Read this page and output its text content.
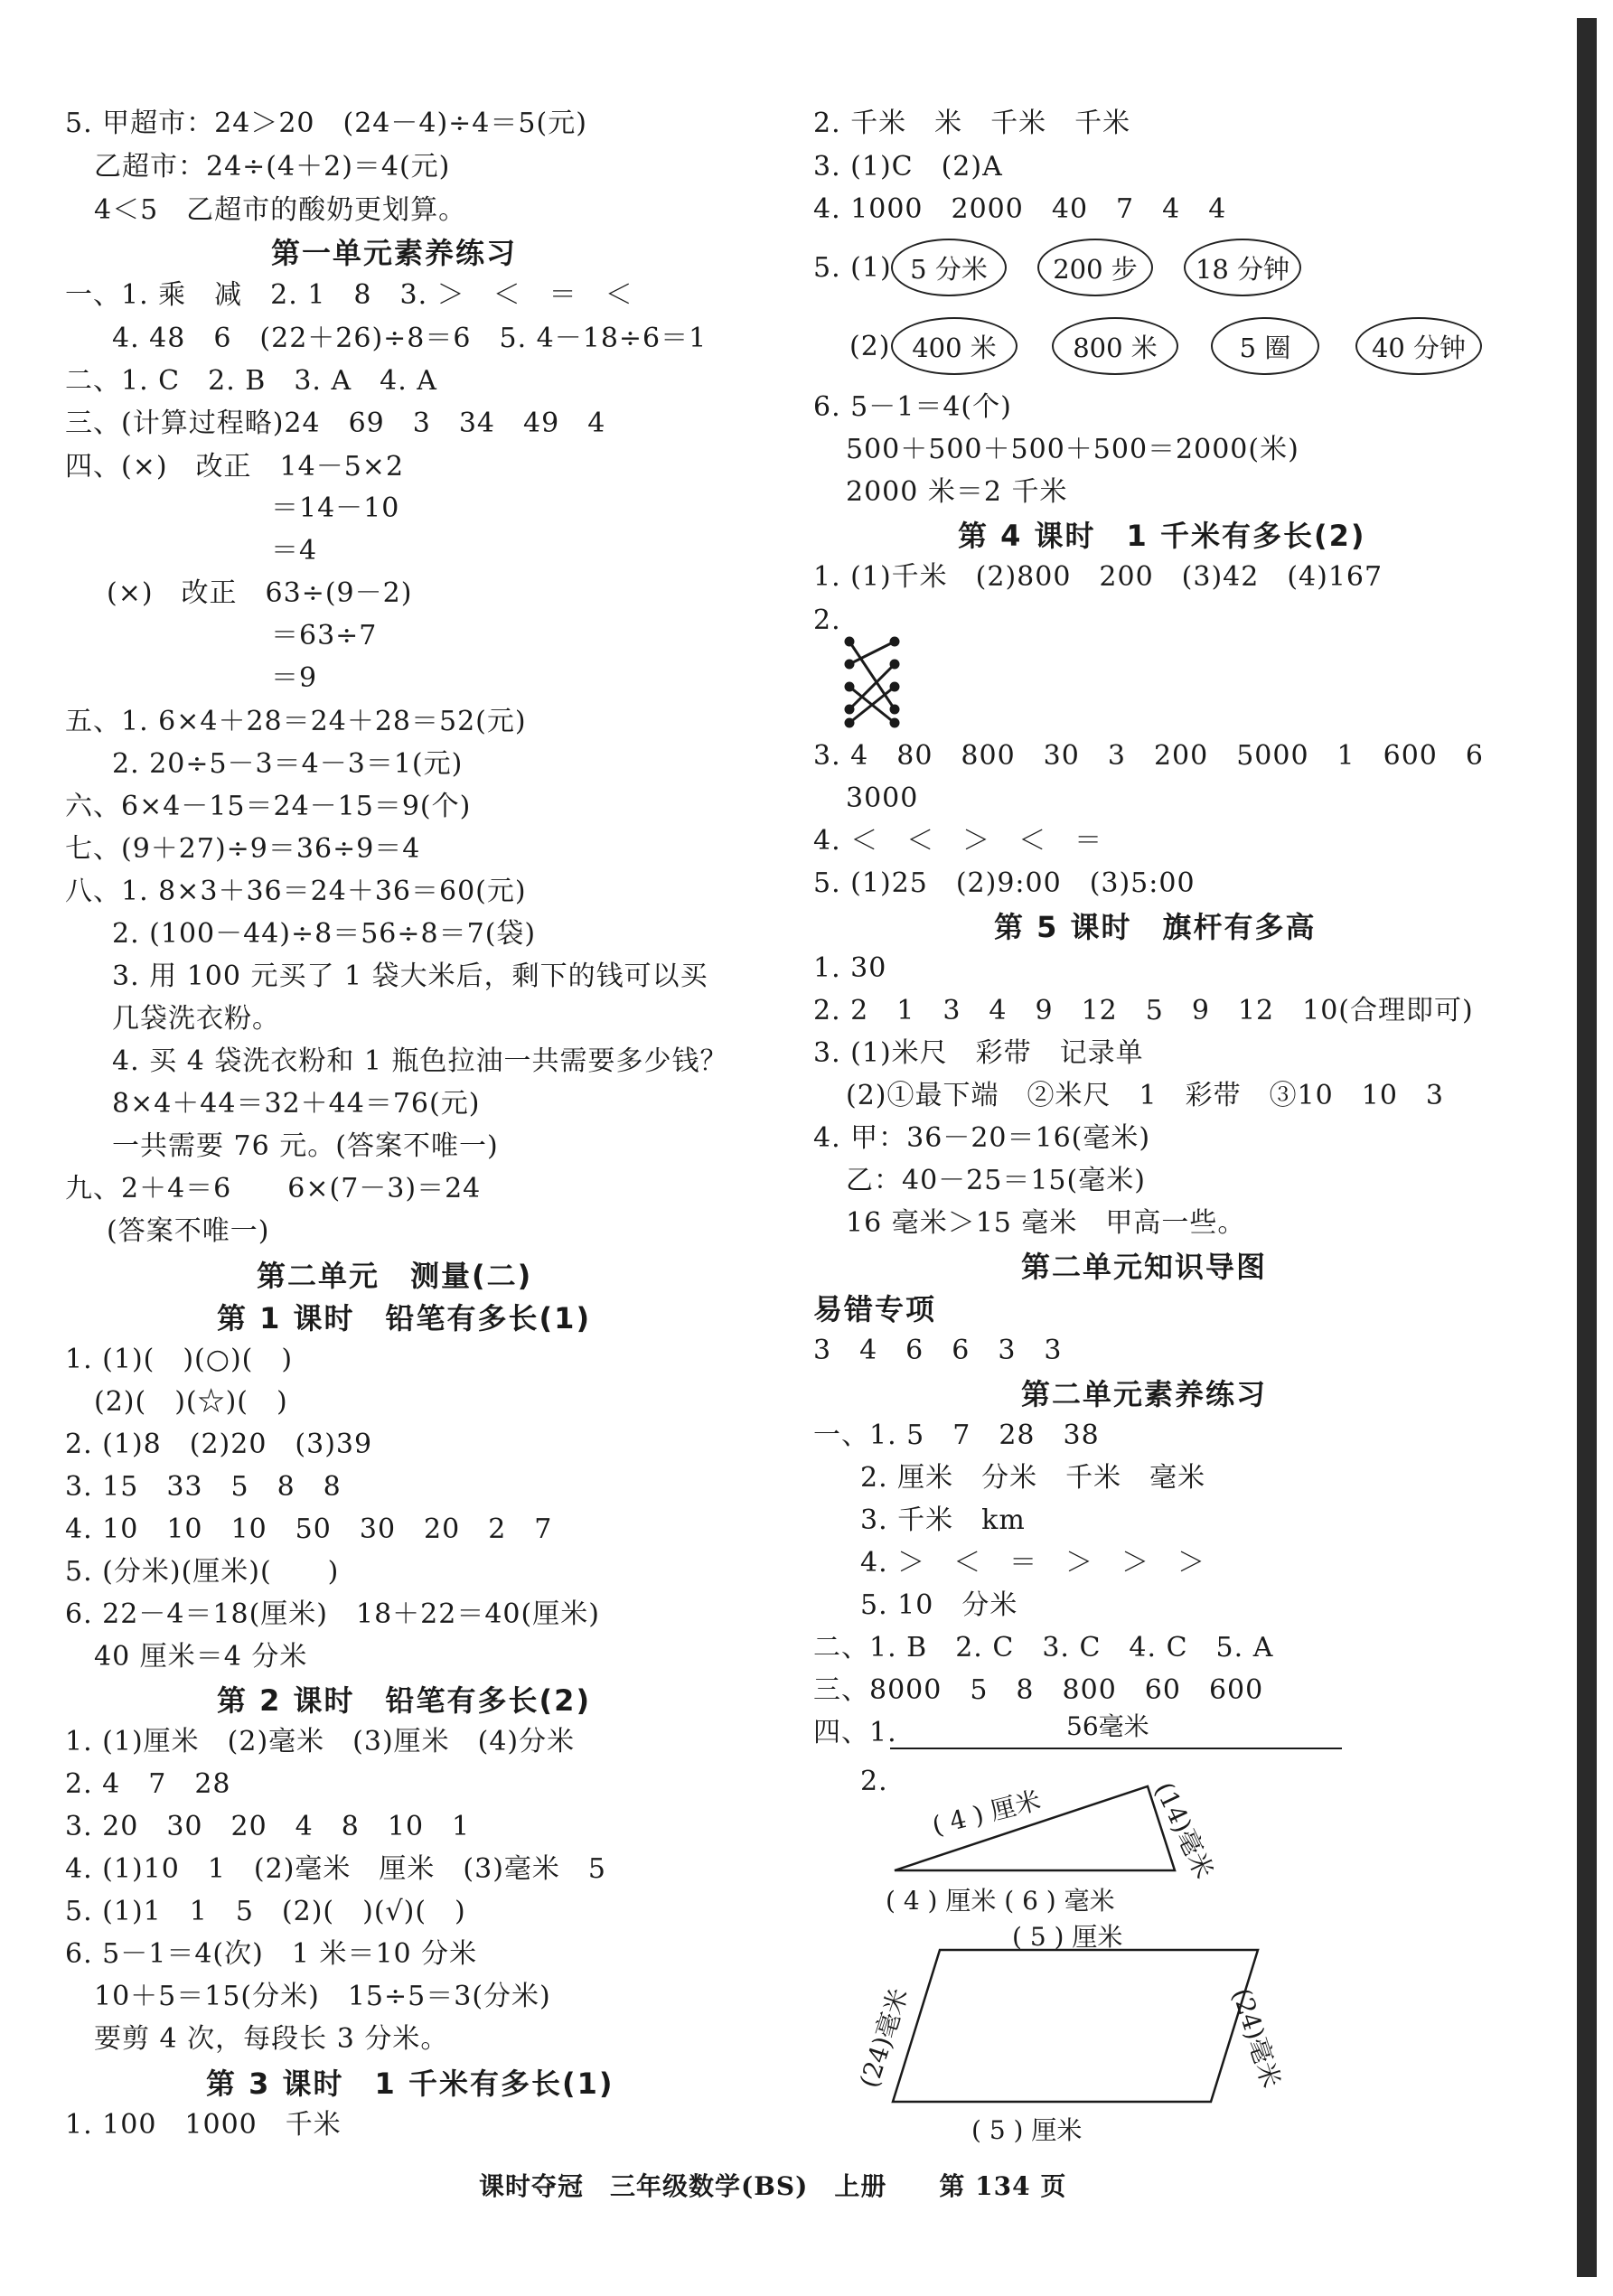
5. 甲超市：24＞20　(24－4)÷4＝5(元)
乙超市：24÷(4＋2)＝4(元)
4＜5　乙超市的酸奶更划算。
第一单元素养练习
一、1. 乘　减　2. 1　8　3. ＞　＜　＝　＜
4. 48　6　(22＋26)÷8＝6　5. 4－18÷6＝1
二、1. C　2. B　3. A　4. A
三、(计算过程略)24　69　3　34　49　4
四、(×)　改正　14－5×2
＝14－10
＝4
(×)　改正　63÷(9－2)
＝63÷7
＝9
五、1. 6×4＋28＝24＋28＝52(元)
2. 20÷5－3＝4－3＝1(元)
六、6×4－15＝24－15＝9(个)
七、(9＋27)÷9＝36÷9＝4
八、1. 8×3＋36＝24＋36＝60(元)
2. (100－44)÷8＝56÷8＝7(袋)
3. 用 100 元买了 1 袋大米后，剩下的钱可以买
几袋洗衣粉。
4. 买 4 袋洗衣粉和 1 瓶色拉油一共需要多少钱？
8×4＋44＝32＋44＝76(元)
一共需要 76 元。(答案不唯一)
九、2＋4＝6　　6×(7－3)＝24
(答案不唯一)
第二单元　测量(二)
第 1 课时　铅笔有多长(1)
1. (1)(　)(○)(　)
(2)(　)(☆)(　)
2. (1)8　(2)20　(3)39
3. 15　33　5　8　8
4. 10　10　10　50　30　20　2　7
5. (分米)(厘米)(　　)
6. 22－4＝18(厘米)　18＋22＝40(厘米)
40 厘米＝4 分米
第 2 课时　铅笔有多长(2)
1. (1)厘米　(2)毫米　(3)厘米　(4)分米
2. 4　7　28
3. 20　30　20　4　8　10　1
4. (1)10　1　(2)毫米　厘米　(3)毫米　5
5. (1)1　1　5　(2)(　)(√)(　)
6. 5－1＝4(次)　1 米＝10 分米
10＋5＝15(分米)　15÷5＝3(分米)
要剪 4 次，每段长 3 分米。
第 3 课时　1 千米有多长(1)
1. 100　1000　千米
2. 千米　米　千米　千米
3. (1)C　(2)A
4. 1000　2000　40　7　4　4
5. (1) 5 分米	200 步	18 分钟
(2) 400 米	800 米	5 圈	40 分钟
6. 5－1＝4(个)
500＋500＋500＋500＝2000(米)
2000 米＝2 千米
第 4 课时　1 千米有多长(2)
1. (1)千米　(2)800　200　(3)42　(4)167
2.
3. 4　80　800　30　3　200　5000　1　600　6
3000
4. ＜　＜　＞　＜　＝
5. (1)25　(2)9:00　(3)5:00
第 5 课时　旗杆有多高
1. 30
2. 2　1　3　4　9　12　5　9　12　10(合理即可)
3. (1)米尺　彩带　记录单
(2)①最下端　②米尺　1　彩带　③10　10　3
4. 甲：36－20＝16(毫米)
乙：40－25＝15(毫米)
16 毫米＞15 毫米　甲高一些。
第二单元知识导图
易错专项
3　4　6　6　3　3
第二单元素养练习
一、1. 5　7　28　38
2. 厘米　分米　千米　毫米
3. 千米　km
4. ＞　＜　＝　＞　＞　＞
5. 10　分米
二、1. B　2. C　3. C　4. C　5. A
三、8000　5　8　800　60　600
四、1.	56毫米
2.
( 4 ) 厘米	(14)毫米
( 4 ) 厘米 ( 6 ) 毫米
( 5 ) 厘米
(24)毫米	(24)毫米
( 5 ) 厘米
课时夺冠　三年级数学(BS)　上册　　第 134 页
